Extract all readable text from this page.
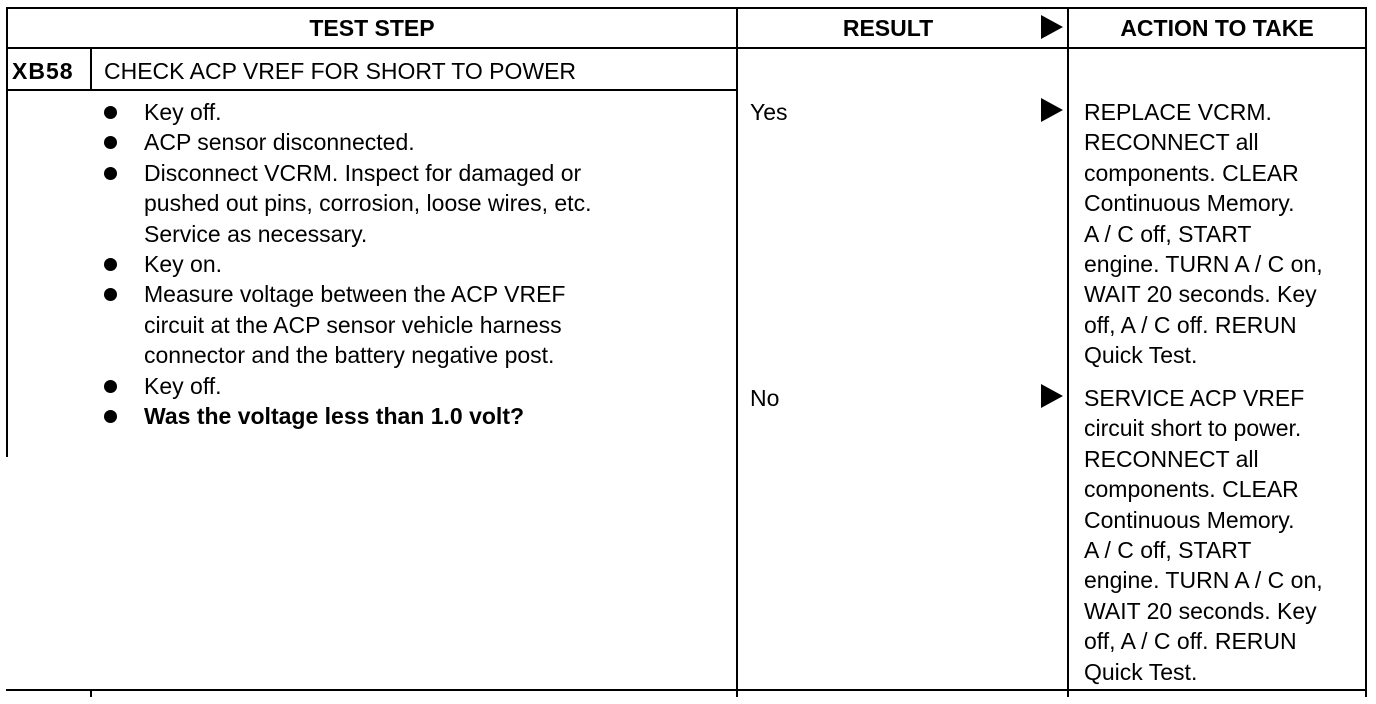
TEST STEP	RESULT	ACTION TO TAKE
XB58 CHECK ACP VREF FOR SHORT TO POWER
Key off.
ACP sensor disconnected.
Disconnect VCRM. Inspect for damaged or
pushed out pins, corrosion, loose wires, etc.
Service as necessary.
Key on.
Measure voltage between the ACP VREF
circuit at the ACP sensor vehicle harness
connector and the battery negative post.
Key off.
Was the voltage less than 1.0 volt?
Yes	REPLACE VCRM.
RECONNECT all
components. CLEAR
Continuous Memory.
A / C off, START
engine. TURN A / C on,
WAIT 20 seconds. Key
off, A / C off. RERUN
Quick Test.
No	SERVICE ACP VREF
circuit short to power.
RECONNECT all
components. CLEAR
Continuous Memory.
A / C off, START
engine. TURN A / C on,
WAIT 20 seconds. Key
off, A / C off. RERUN
Quick Test.
